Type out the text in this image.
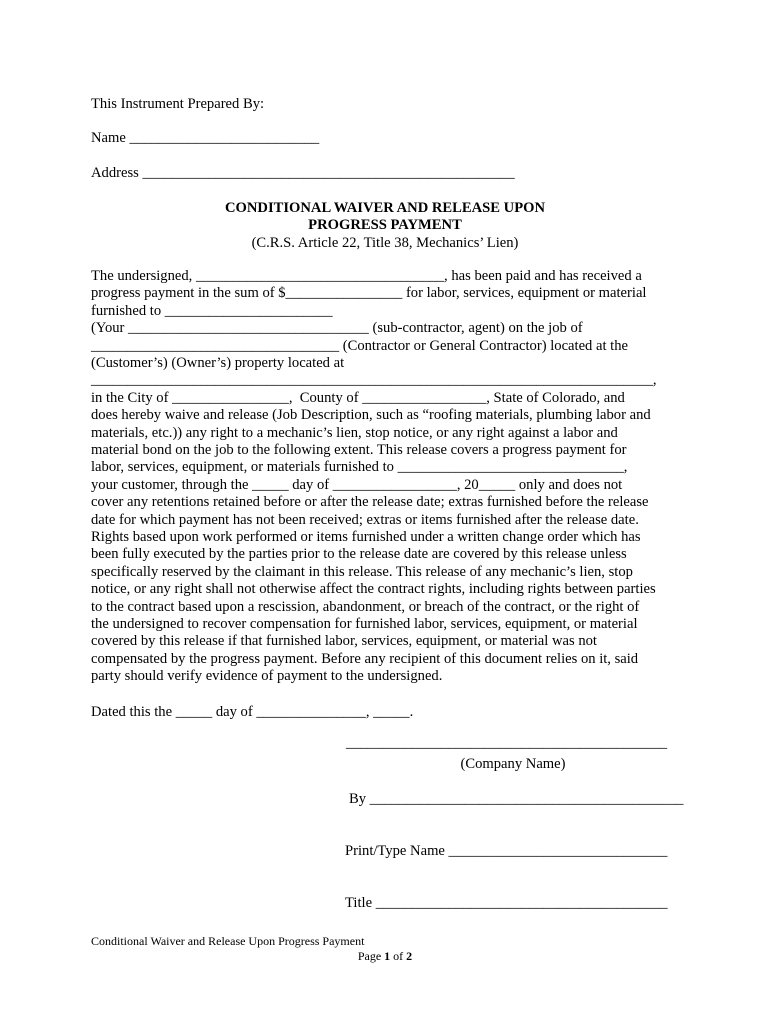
This Instrument Prepared By:
Name __________________________
Address ___________________________________________________
CONDITIONAL WAIVER AND RELEASE UPON
PROGRESS PAYMENT
(C.R.S. Article 22, Title 38, Mechanics’ Lien)
The undersigned, __________________________________, has been paid and has received a
progress payment in the sum of $________________ for labor, services, equipment or material
furnished to _______________________
(Your _________________________________ (sub-contractor, agent) on the job of
__________________________________ (Contractor or General Contractor) located at the
(Customer’s) (Owner’s) property located at
_____________________________________________________________________________,
in the City of ________________,  County of _________________, State of Colorado, and
does hereby waive and release (Job Description, such as “roofing materials, plumbing labor and
materials, etc.)) any right to a mechanic’s lien, stop notice, or any right against a labor and
material bond on the job to the following extent. This release covers a progress payment for
labor, services, equipment, or materials furnished to _______________________________,
your customer, through the _____ day of _________________, 20_____ only and does not
cover any retentions retained before or after the release date; extras furnished before the release
date for which payment has not been received; extras or items furnished after the release date.
Rights based upon work performed or items furnished under a written change order which has
been fully executed by the parties prior to the release date are covered by this release unless
specifically reserved by the claimant in this release. This release of any mechanic’s lien, stop
notice, or any right shall not otherwise affect the contract rights, including rights between parties
to the contract based upon a rescission, abandonment, or breach of the contract, or the right of
the undersigned to recover compensation for furnished labor, services, equipment, or material
covered by this release if that furnished labor, services, equipment, or material was not
compensated by the progress payment. Before any recipient of this document relies on it, said
party should verify evidence of payment to the undersigned.
Dated this the _____ day of _______________, _____.
____________________________________________
(Company Name)
By ___________________________________________
Print/Type Name ______________________________
Title ________________________________________
Conditional Waiver and Release Upon Progress Payment
Page 1 of 2
